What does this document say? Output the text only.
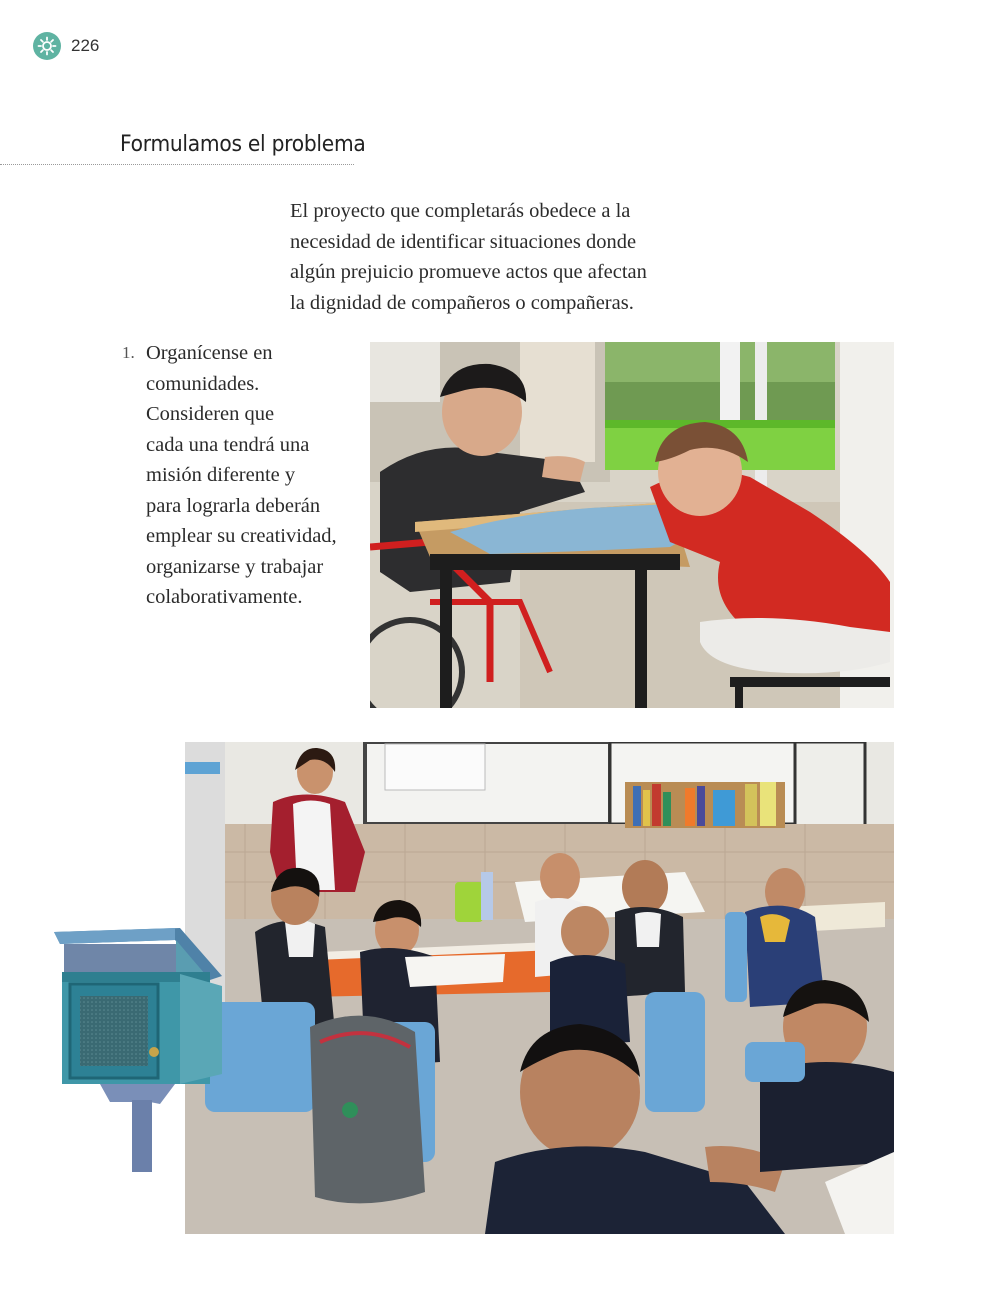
226
Formulamos el problema

El proyecto que completarás obedece a la
necesidad de identificar situaciones donde
algún prejuicio promueve actos que afectan
la dignidad de compañeros o compañeras.

1. Organícense en
comunidades.
Consideren que
cada una tendrá una
misión diferente y
para lograrla deberán
emplear su creatividad,
organizarse y trabajar
colaborativamente.
